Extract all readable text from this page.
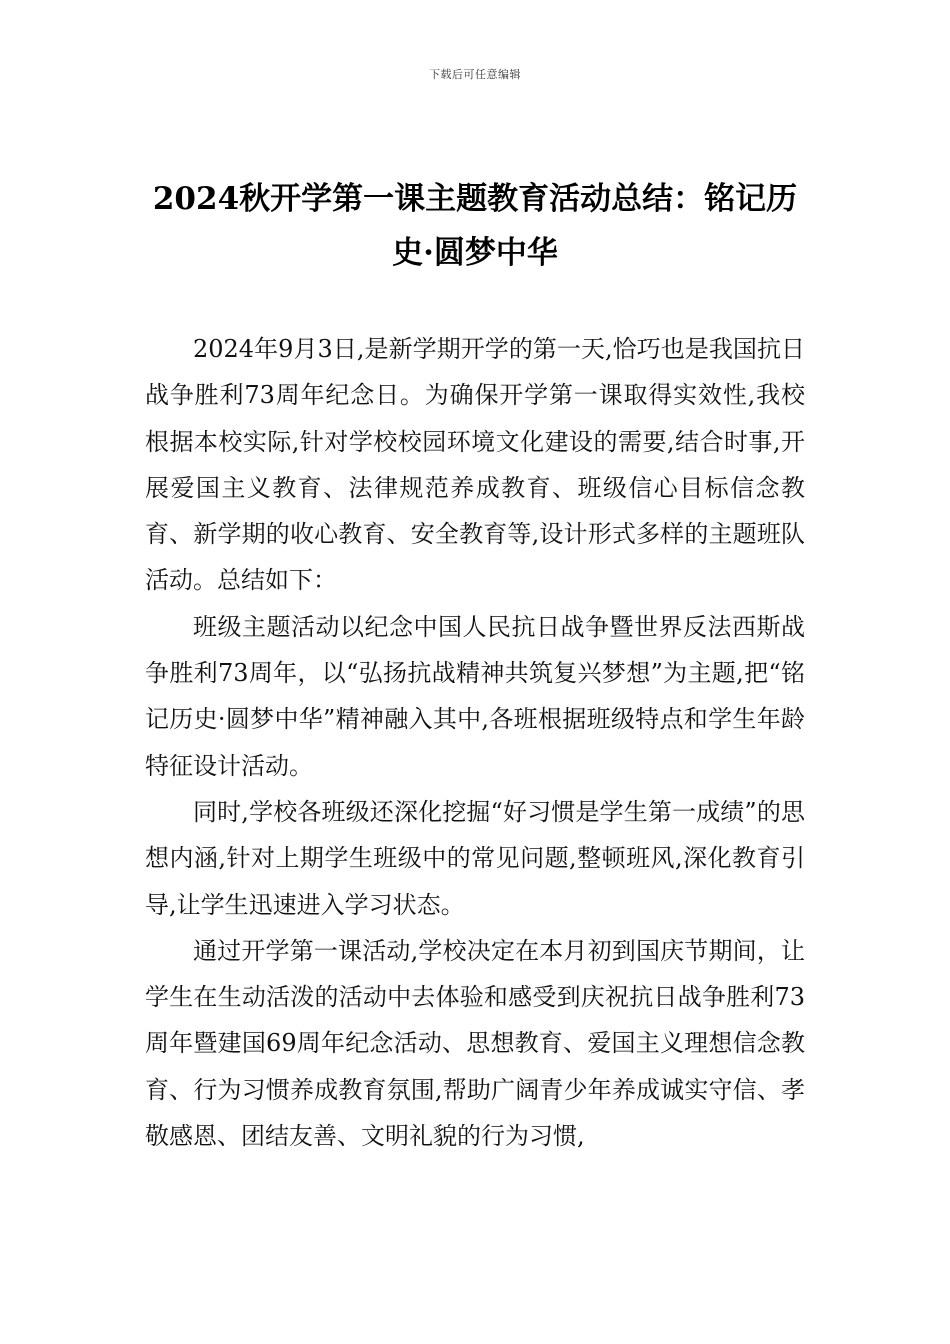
下载后可任意编辑
2024秋开学第一课主题教育活动总结：铭记历史·圆梦中华

2024年9月3日,是新学期开学的第一天,恰巧也是我国抗日战争胜利73周年纪念日。为确保开学第一课取得实效性,我校根据本校实际,针对学校校园环境文化建设的需要,结合时事,开展爱国主义教育、法律规范养成教育、班级信心目标信念教育、新学期的收心教育、安全教育等,设计形式多样的主题班队活动。总结如下：

班级主题活动以纪念中国人民抗日战争暨世界反法西斯战争胜利73周年，以“弘扬抗战精神共筑复兴梦想”为主题,把“铭记历史·圆梦中华”精神融入其中,各班根据班级特点和学生年龄特征设计活动。

同时,学校各班级还深化挖掘“好习惯是学生第一成绩”的思想内涵,针对上期学生班级中的常见问题,整顿班风,深化教育引导,让学生迅速进入学习状态。

通过开学第一课活动,学校决定在本月初到国庆节期间，让学生在生动活泼的活动中去体验和感受到庆祝抗日战争胜利73周年暨建国69周年纪念活动、思想教育、爱国主义理想信念教育、行为习惯养成教育氛围,帮助广阔青少年养成诚实守信、孝敬感恩、团结友善、文明礼貌的行为习惯,
